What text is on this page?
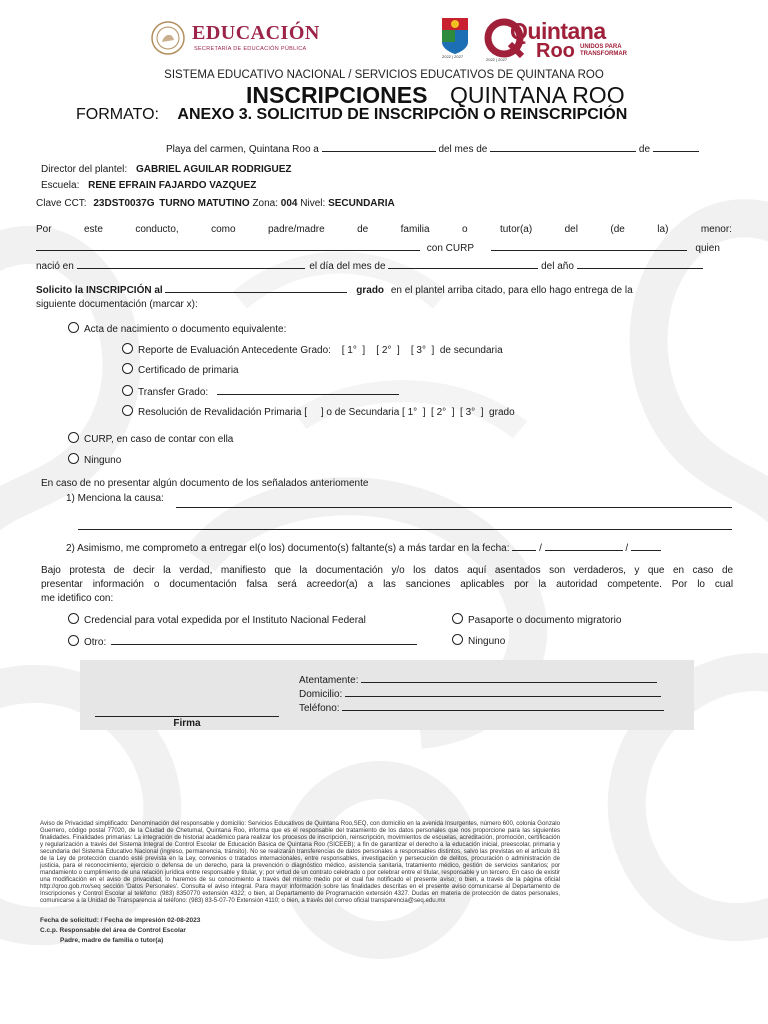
EDUCACIÓN
SECRETARÍA DE EDUCACIÓN PÚBLICA
2022 | 2027
Quintana
Roo UNIDOS PARA
TRANSFORMAR
2022 | 2027
SISTEMA EDUCATIVO NACIONAL / SERVICIOS EDUCATIVOS DE QUINTANA ROO
INSCRIPCIONES QUINTANA ROO
FORMATO: ANEXO 3. SOLICITUD DE INSCRIPCIÓN O REINSCRIPCIÓN
Playa del carmen, Quintana Roo a	del mes de	de
Director del plantel: GABRIEL AGUILAR RODRIGUEZ
Escuela: RENE EFRAIN FAJARDO VAZQUEZ
Clave CCT: 23DST0037G TURNO MATUTINO Zona: 004 Nivel: SECUNDARIA
Por	este	conducto,	como	padre/madre	de	familia	o	tutor(a)	del	(de	la)	menor:
con CURP	quien
nació en	el día del mes de	del año
Solicito la INSCRIPCIÓN al	grado en el plantel arriba citado, para ello hago entrega de la
siguiente documentación (marcar x):
Acta de nacimiento o documento equivalente:
Reporte de Evaluación Antecedente Grado: [ 1°  ]    [ 2°  ]    [ 3°  ]  de secundaria
Certificado de primaria
Transfer Grado:
Resolución de Revalidación Primaria [     ] o de Secundaria [ 1°  ]  [ 2°  ]  [ 3°  ]  grado
CURP, en caso de contar con ella
Ninguno
En caso de no presentar algún documento de los señalados anteriomente
1) Menciona la causa:
2) Asimismo, me comprometo a entregar el(o los) documento(s) faltante(s) a más tardar en la fecha:	/	/
Bajo protesta de decir la verdad, manifiesto que la documentación y/o los datos aquí asentados son verdaderos, y que en caso de
presentar información o documentación falsa será acreedor(a) a las sanciones aplicables por la autoridad competente. Por lo cual
me idetifico con:
Credencial para votal expedida por el Instituto Nacional Federal	Pasaporte o documento migratorio
Otro:	Ninguno
Atentamente:
Domicilio:
Teléfono:
Firma
Aviso de Privacidad simplificado: Denominación del responsable y domicilio: Servicios Educativos de Quintana Roo,SEQ, con domicilio en la avenida Insurgentes, número 600, colonia Gonzalo Guerrero, código postal 77020, de la Ciudad de Chetumal, Quintana Roo, informa que es el responsable del tratamiento de los datos personales que nos proporcione para las siguientes finalidades. Finalidades primarias: La integración de historial académico para realizar los procesos de inscripción, reinscripción, movimientos de escuelas, acreditación, promoción, certificación y regularización a través del Sistema Integral de Control Escolar de Educación Básica de Quintana Roo (SICEEB); a fin de garantizar el derecho a la educación inicial, preescolar, primaria y secundaria del Sistema Educativo Nacional (ingreso, permanencia, tránsito). No se realizarán transferencias de datos personales a responsables distintos, salvo las previstas en el artículo 81 de la Ley de protección cuando esté prevista en la Ley, convenios o tratados internacionales, entre responsables, investigación y persecución de delitos, procuración o administración de justicia, para el reconocimiento, ejercicio o defensa de un derecho, para la prevención o diagnóstico médico, asistencia sanitaria, tratamiento médico, gestión de servicios sanitarios; por mandamiento o cumplimiento de una relación jurídica entre responsable y titular, y; por virtud de un contrato celebrado o por celebrar entre el titular, responsable y un tercero. En caso de existir una modificación en el aviso de privacidad, lo haremos de su conocimiento a través del mismo medio por el cual fue notificado el presente aviso; o bien, a través de la página oficial http://qroo.gob.mx/seq sección 'Datos Personales'. Consulta el aviso integral. Para mayor información sobre las finalidades descritas en el presente aviso comunicarse al Departamento de Inscripciones y Control Escolar al teléfono: (983) 8350770 extensión 4322; o bien, al Departamento de Programación extensión 4327. Dudas en materia de protección de datos personales, comunicarse a la Unidad de Transparencia al teléfono: (983) 83-5-07-70 Extensión 4110; o bien, a través del correo oficial transparencia@seq.edu.mx
Fecha de solicitud: / Fecha de impresión 02-08-2023
C.c.p. Responsable del área de Control Escolar
Padre, madre de familia o tutor(a)
